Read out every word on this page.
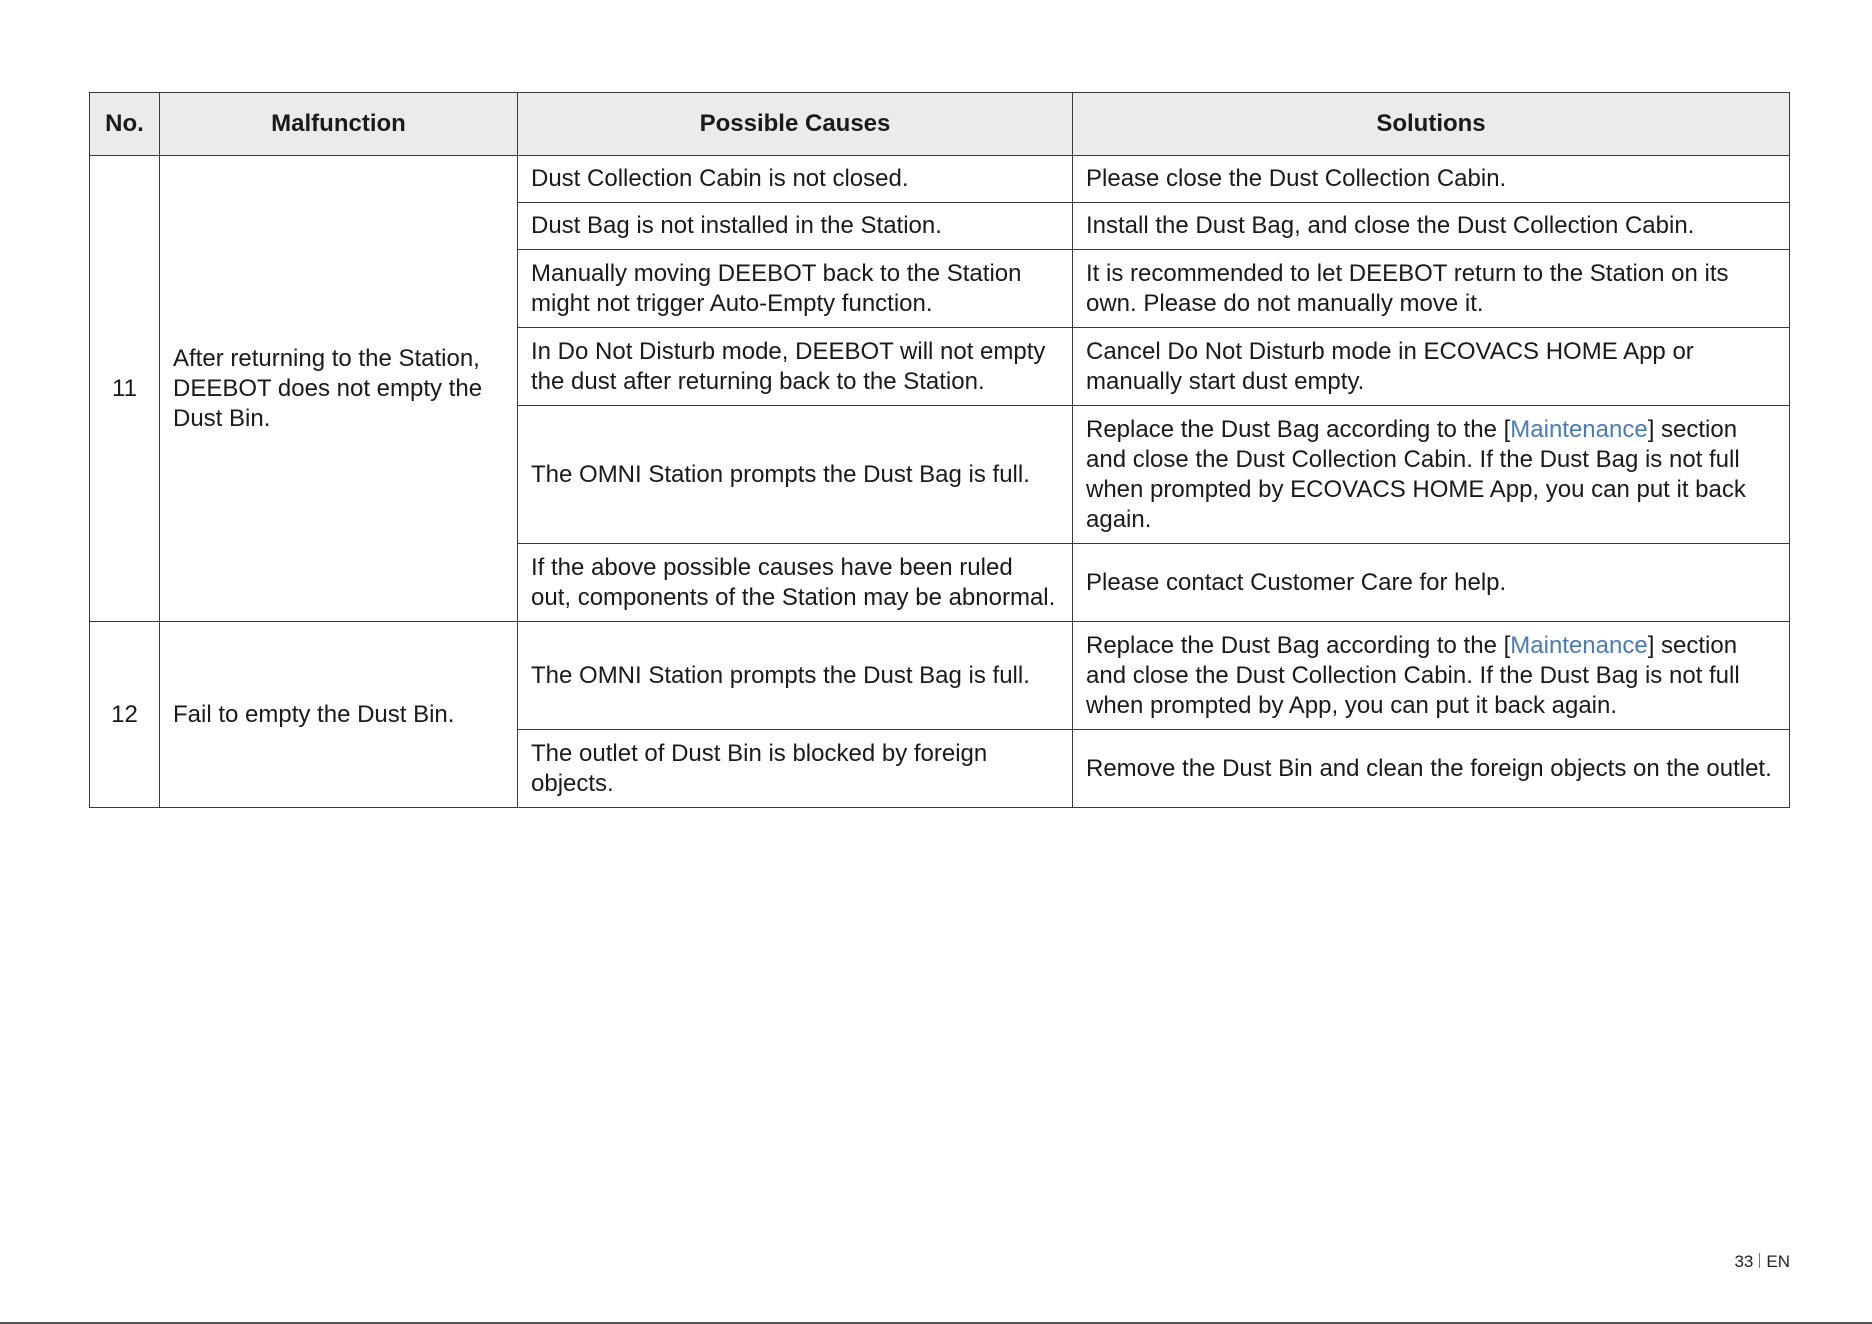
No.	Malfunction	Possible Causes	Solutions
11	After returning to the Station, DEEBOT does not empty the Dust Bin.	Dust Collection Cabin is not closed.	Please close the Dust Collection Cabin.
		Dust Bag is not installed in the Station.	Install the Dust Bag, and close the Dust Collection Cabin.
		Manually moving DEEBOT back to the Station might not trigger Auto-Empty function.	It is recommended to let DEEBOT return to the Station on its own. Please do not manually move it.
		In Do Not Disturb mode, DEEBOT will not empty the dust after returning back to the Station.	Cancel Do Not Disturb mode in ECOVACS HOME App or manually start dust empty.
		The OMNI Station prompts the Dust Bag is full.	Replace the Dust Bag according to the [Maintenance] section and close the Dust Collection Cabin. If the Dust Bag is not full when prompted by ECOVACS HOME App, you can put it back again.
		If the above possible causes have been ruled out, components of the Station may be abnormal.	Please contact Customer Care for help.
12	Fail to empty the Dust Bin.	The OMNI Station prompts the Dust Bag is full.	Replace the Dust Bag according to the [Maintenance] section and close the Dust Collection Cabin. If the Dust Bag is not full when prompted by App, you can put it back again.
		The outlet of Dust Bin is blocked by foreign objects.	Remove the Dust Bin and clean the foreign objects on the outlet.
33 EN
